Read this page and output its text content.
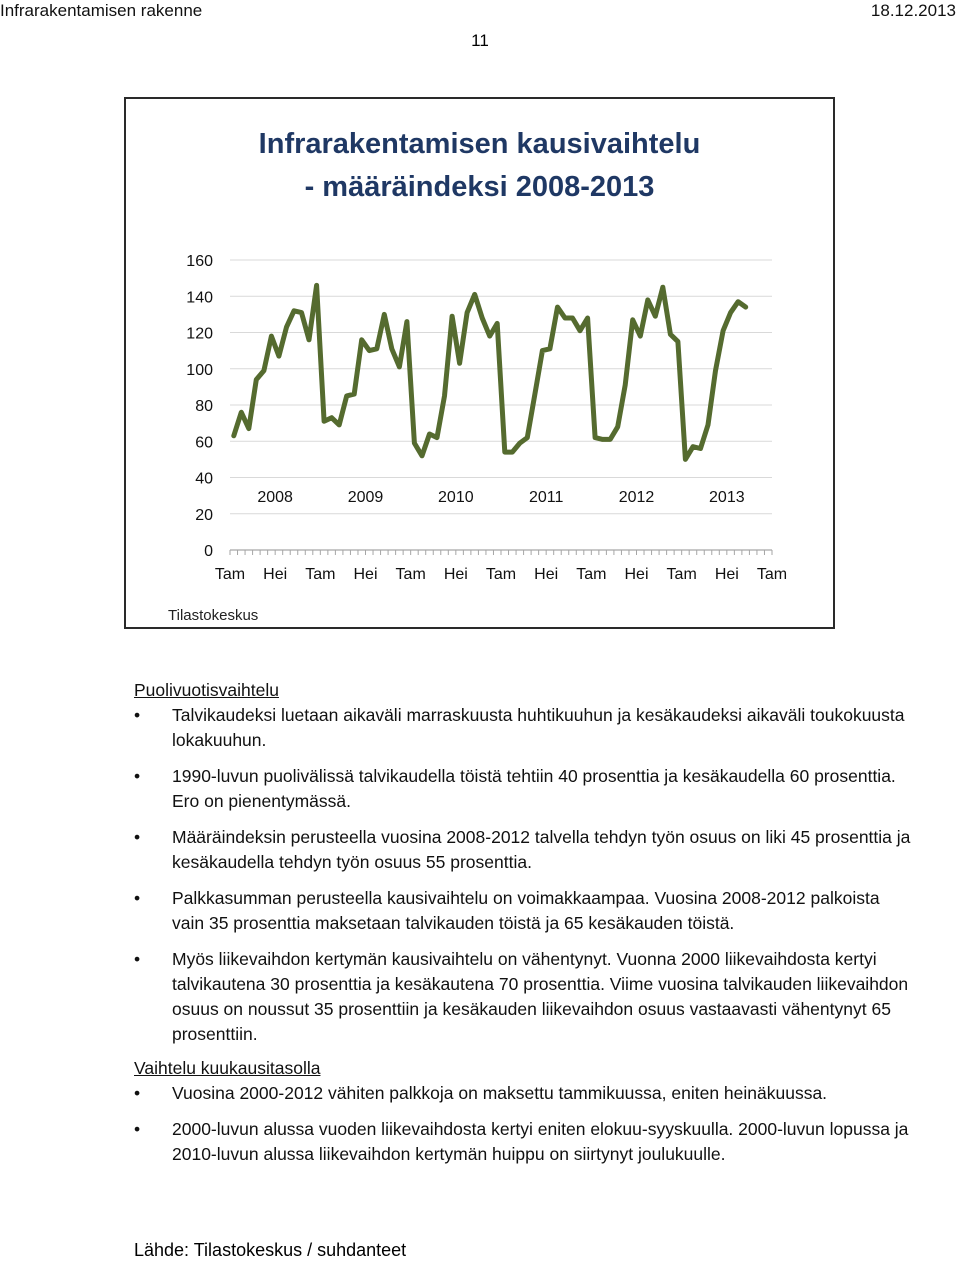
Infrarakentamisen rakenne	18.12.2013
11
Infrarakentamisen kausivaihtelu
- määräindeksi 2008-2013
0
20
40
60
80
100
120
140
160
Tam Hei Tam Hei Tam Hei Tam Hei Tam Hei Tam Hei Tam
2008	2009	2010	2011	2012	2013
Tilastokeskus

Puolivuotisvaihtelu

• Talvikaudeksi luetaan aikaväli marraskuusta huhtikuuhun ja kesäkaudeksi aikaväli toukokuusta lokakuuhun.
• 1990-luvun puolivälissä talvikaudella töistä tehtiin 40 prosenttia ja kesäkaudella 60 prosenttia. Ero on pienentymässä.
• Määräindeksin perusteella vuosina 2008-2012 talvella tehdyn työn osuus on liki 45 prosenttia ja kesäkaudella tehdyn työn osuus 55 prosenttia.
• Palkkasumman perusteella kausivaihtelu on voimakkaampaa. Vuosina 2008-2012 palkoista vain 35 prosenttia maksetaan talvikauden töistä ja 65 kesäkauden töistä.
• Myös liikevaihdon kertymän kausivaihtelu on vähentynyt. Vuonna 2000 liikevaihdosta kertyi talvikautena 30 prosenttia ja kesäkautena 70 prosenttia. Viime vuosina talvikauden liikevaihdon osuus on noussut 35 prosenttiin ja kesäkauden liikevaihdon osuus vastaavasti vähentynyt 65 prosenttiin.

Vaihtelu kuukausitasolla

• Vuosina 2000-2012 vähiten palkkoja on maksettu tammikuussa, eniten heinäkuussa.
• 2000-luvun alussa vuoden liikevaihdosta kertyi eniten elokuu-syyskuulla. 2000-luvun lopussa ja 2010-luvun alussa liikevaihdon kertymän huippu on siirtynyt joulukuulle.
Lähde: Tilastokeskus / suhdanteet
